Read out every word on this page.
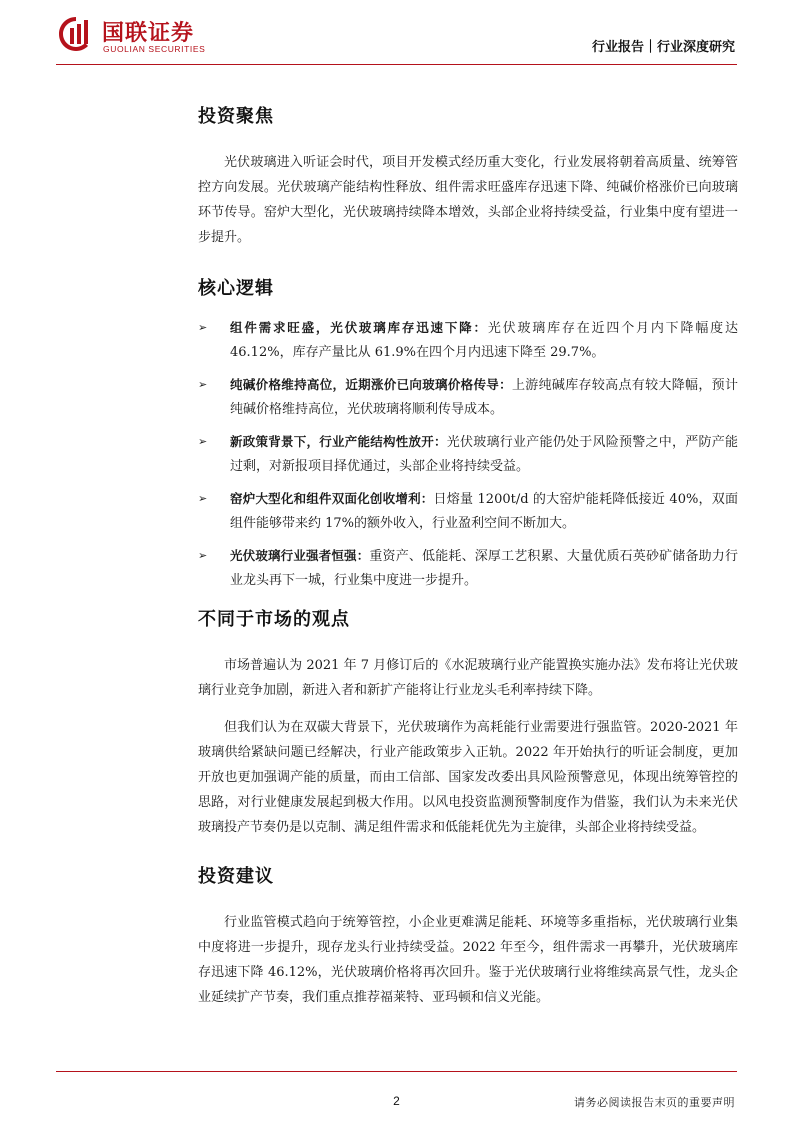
国联证券
GUOLIAN SECURITIES	行业报告｜行业深度研究
投资聚焦

光伏玻璃进入听证会时代，项目开发模式经历重大变化，行业发展将朝着高质量、统筹管控方向发展。光伏玻璃产能结构性释放、组件需求旺盛库存迅速下降、纯碱价格涨价已向玻璃环节传导。窑炉大型化，光伏玻璃持续降本增效，头部企业将持续受益，行业集中度有望进一步提升。

核心逻辑
➢	组件需求旺盛，光伏玻璃库存迅速下降：光伏玻璃库存在近四个月内下降幅度达 46.12%，库存产量比从 61.9%在四个月内迅速下降至 29.7%。
➢	纯碱价格维持高位，近期涨价已向玻璃价格传导：上游纯碱库存较高点有较大降幅，预计纯碱价格维持高位，光伏玻璃将顺利传导成本。
➢	新政策背景下，行业产能结构性放开：光伏玻璃行业产能仍处于风险预警之中，严防产能过剩，对新报项目择优通过，头部企业将持续受益。
➢	窑炉大型化和组件双面化创收增利：日熔量 1200t/d 的大窑炉能耗降低接近 40%，双面组件能够带来约 17%的额外收入，行业盈利空间不断加大。
➢	光伏玻璃行业强者恒强：重资产、低能耗、深厚工艺积累、大量优质石英砂矿储备助力行业龙头再下一城，行业集中度进一步提升。
不同于市场的观点

市场普遍认为 2021 年 7 月修订后的《水泥玻璃行业产能置换实施办法》发布将让光伏玻璃行业竞争加剧，新进入者和新扩产能将让行业龙头毛利率持续下降。

但我们认为在双碳大背景下，光伏玻璃作为高耗能行业需要进行强监管。2020-2021 年玻璃供给紧缺问题已经解决，行业产能政策步入正轨。2022 年开始执行的听证会制度，更加开放也更加强调产能的质量，而由工信部、国家发改委出具风险预警意见，体现出统筹管控的思路，对行业健康发展起到极大作用。以风电投资监测预警制度作为借鉴，我们认为未来光伏玻璃投产节奏仍是以克制、满足组件需求和低能耗优先为主旋律，头部企业将持续受益。

投资建议

行业监管模式趋向于统筹管控，小企业更难满足能耗、环境等多重指标，光伏玻璃行业集中度将进一步提升，现存龙头行业持续受益。2022 年至今，组件需求一再攀升，光伏玻璃库存迅速下降 46.12%，光伏玻璃价格将再次回升。鉴于光伏玻璃行业将维续高景气性，龙头企业延续扩产节奏，我们重点推荐福莱特、亚玛顿和信义光能。

2	请务必阅读报告末页的重要声明
